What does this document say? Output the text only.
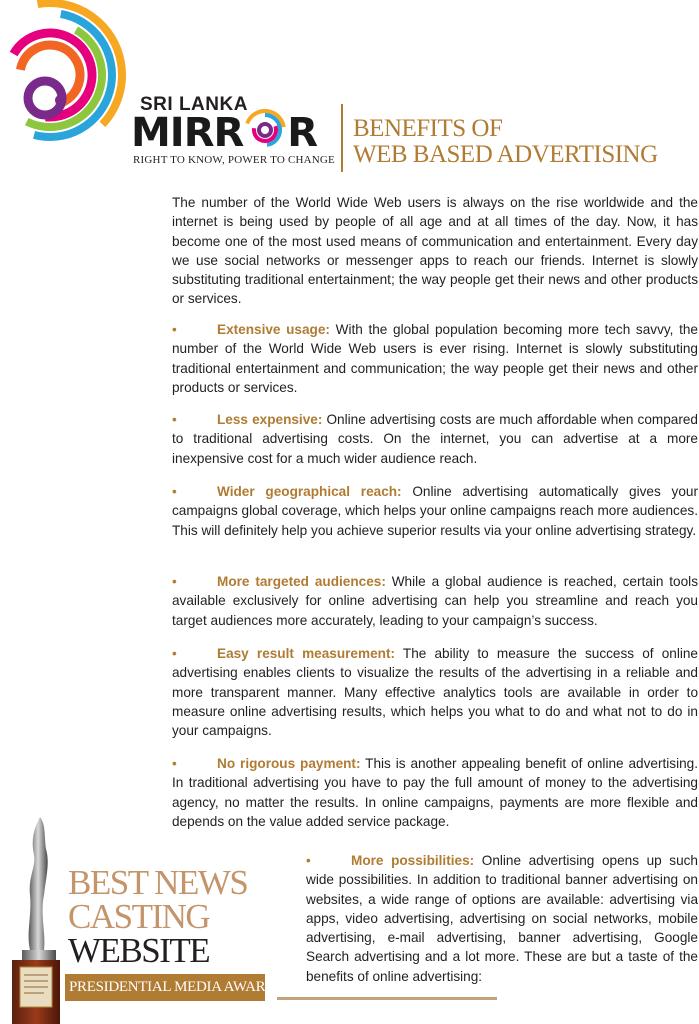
SRI LANKA
MIRR R
RIGHT TO KNOW, POWER TO CHANGE
BENEFITS OF
WEB BASED ADVERTISING

The number of the World Wide Web users is always on the rise worldwide and the internet is being used by people of all age and at all times of the day. Now, it has become one of the most used means of communication and entertainment. Every day we use social networks or messenger apps to reach our friends. Internet is slowly substituting traditional entertainment; the way people get their news and other products or services.

•	Extensive usage: With the global population becoming more tech savvy, the number of the World Wide Web users is ever rising. Internet is slowly substituting traditional entertainment and communication; the way people get their news and other products or services.

•	Less expensive: Online advertising costs are much affordable when compared to traditional advertising costs. On the internet, you can advertise at a more inexpensive cost for a much wider audience reach.

•	Wider geographical reach: Online advertising automatically gives your campaigns global coverage, which helps your online campaigns reach more audiences. This will definitely help you achieve superior results via your online advertising strategy.

•	More targeted audiences: While a global audience is reached, certain tools available exclusively for online advertising can help you streamline and reach you target audiences more accurately, leading to your campaign’s success.

•	Easy result measurement: The ability to measure the success of online advertising enables clients to visualize the results of the advertising in a reliable and more transparent manner. Many effective analytics tools are available in order to measure online advertising results, which helps you what to do and what not to do in your campaigns.

•	No rigorous payment: This is another appealing benefit of online advertising. In traditional advertising you have to pay the full amount of money to the advertising agency, no matter the results. In online campaigns, payments are more flexible and depends on the value added service package.

BEST NEWS
CASTING
WEBSITE
PRESIDENTIAL MEDIA AWARDS

•	More possibilities: Online advertising opens up such wide possibilities. In addition to traditional banner advertising on websites, a wide range of options are available: advertising via apps, video advertising, advertising on social networks, mobile advertising, e-mail advertising, banner advertising, Google Search advertising and a lot more. These are but a taste of the benefits of online advertising:
